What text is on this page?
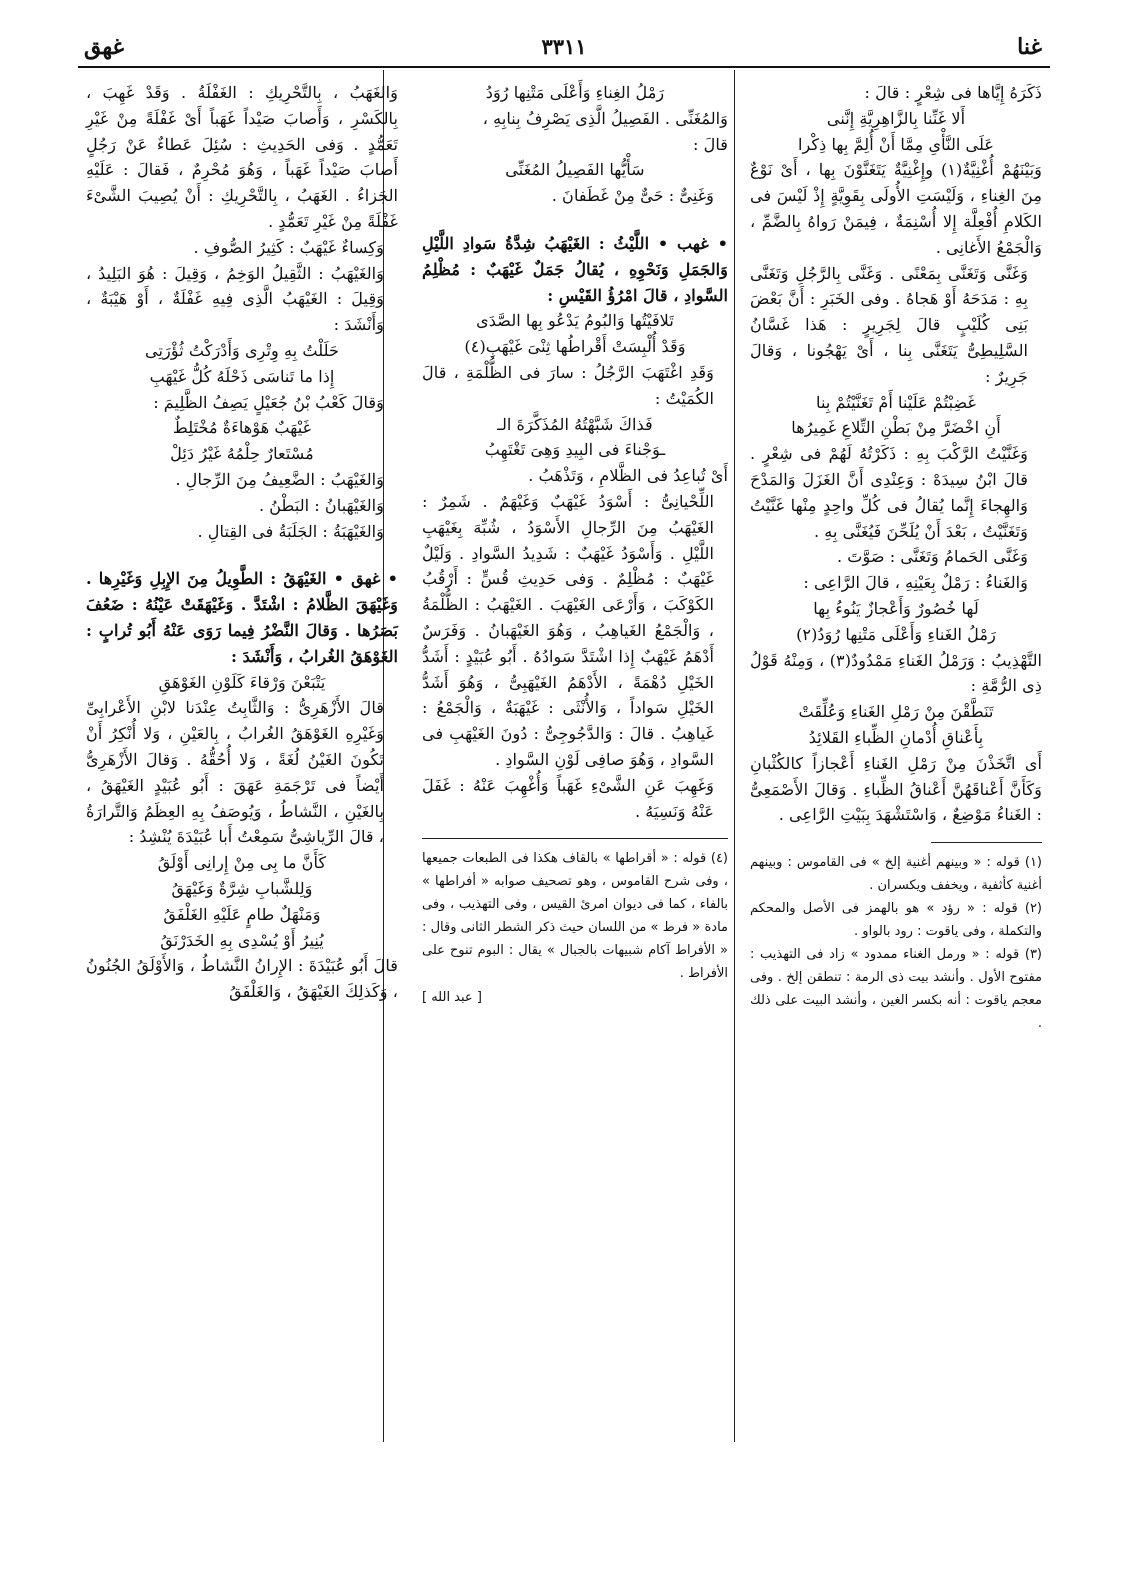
غنا
٣٣١١
غهق

ذَكَرَهُ إِيَّاها فى شِعْرٍ : قالَ :

أَلا غَنِّنا بِالزَّاهِرِيَّةِ إِنَّنى

عَلَى النَّأْىِ مِمَّا أَنْ أُلِمَّ بِها ذِكْرا

وَبَيْنَهُمْ أُغْنِيَّةٌ(١) وإِغْنِيَّةٌ يَتَغَنَّوْنَ بِها ، أَىْ نَوْعٌ مِنَ الغِناءِ ، وَلَيْسَتِ الأُولَى بِقَوِيَّةٍ إِذْ لَيْسَ فى الكَلامِ أُفْعِلَّة إِلا أُسْنِمَةٌ ، فِيمَنْ رَواهُ بِالضَّمِّ ، وَالْجَمْعُ الأَغانِى .

وَغَنَّى وَتَغَنَّى بِمَعْنًى . وَغَنَّى بِالرَّجُلِ وَتَغَنَّى بِهِ : مَدَحَهُ أَوْ هَجاهُ . وفى الخَبَرِ : أَنَّ بَعْضَ بَنِى كُلَيْبٍ قالَ لِجَرِيرٍ : هَذا غَسَّانُ السَّلِيطِىُّ يَتَغَنَّى بِنا ، أَىْ يَهْجُونا ، وَقالَ جَرِيرٌ :

غَضِبْتُمْ عَلَيْنا أَمْ تَغَنَّيْتُمْ بِنا

أَنِ اخْضَرَّ مِنْ بَطْنِ التِّلاعِ غَمِيرُها

وَغَنَّيْتُ الرَّكْبَ بِهِ : ذَكَرْتُهُ لَهُمْ فى شِعْرٍ . قالَ ابْنُ سِيدَهْ : وَعِنْدِى أَنَّ الغَزَلَ وَالمَدْحَ وَالهِجاءَ إِنَّما يُقالُ فى كُلِّ واحِدٍ مِنْها غَنَّيْتُ وَتَغَنَّيْتُ ، بَعْدَ أَنْ يُلَحِّنَ فَيُغَنَّى بِهِ .

وَغَنَّى الحَمامُ وَتَغَنَّى : صَوَّتَ .

وَالغَناءُ : رَمْلٌ بِعَيْنِهِ ، قالَ الرَّاعِى :

لَها خُصُورٌ وَأَعْجازٌ يَنُوءُ بِها

رَمْلُ الغَناءِ وَأَعْلَى مَتْنِها رُوَدُ(٢)

التَّهْذِيبُ : وَرَمْلُ الغَناءِ مَمْدُودٌ(٣) ، وَمِنْهُ قَوْلُ ذِى الرُّمَّةِ :

تَنَطَّقْنَ مِنْ رَمْلِ الغَناءِ وَعُلِّقَتْ

بِأَعْناقِ أُدْمانِ الظِّباءِ القَلائِدُ

أَى اتَّخَذْنَ مِنْ رَمْلِ الغَناءِ أَعْجازاً كالكُثْبانِ وَكَأَنَّ أَعْناقَهُنَّ أَعْناقُ الظِّباءِ . وَقالَ الأَصْمَعِىُّ : الغَناءُ مَوْضِعٌ ، وَاسْتَشْهَدَ بِبَيْتِ الرَّاعِى .

(١) قوله : « وبينهم أغنية إلخ » فى القاموس : وبينهم أغنية كأثفية ، ويخفف ويكسران .

(٢) قوله : « رؤد » هو بالهمز فى الأصل والمحكم والتكملة ، وفى ياقوت : رود بالواو .

(٣) قوله : « ورمل الغناء ممدود » زاد فى التهذيب : مفتوح الأول . وأنشد بيت ذى الرمة : تنطقن إلخ . وفى معجم ياقوت : أنه بكسر الغين ، وأنشد البيت على ذلك .

رَمْلُ الغِناءِ وَأَعْلَى مَتْنِها رُوَدُ

وَالمُغَنِّى . الفَصِيلُ الَّذِى يَصْرِفُ بِنابِهِ ،

قالَ :

سَأْيُّها الفَصِيلُ المُغَنِّى

وَغَنِىٌّ : حَىٌّ مِنْ غَطَفانَ .

• غهب • اللَّيْثُ : الغَيْهَبُ شِدَّةُ سَوادِ اللَّيْلِ وَالجَمَلِ وَنَحْوِهِ ، يُقالُ جَمَلٌ غَيْهَبٌ : مُظْلِمُ السَّوادِ ، قالَ امْرُؤُ القَيْسِ :

تَلافَيْتُها وَالبُومُ يَدْعُو بِها الصَّدَى

وَقَدْ أُلْبِسَتْ أَقْراطُها ثِنْىَ غَيْهَبِ(٤)

وَقَدِ اغْتَهَبَ الرَّجُلُ : سارَ فى الظُّلْمَةِ ، قالَ الكُمَيْتُ :

فَذاكَ شَبَّهْتُهُ المُذَكَّرَةَ الـ

ـوَجْناءَ فى البِيدِ وَهِىَ تَغْتَهِبُ

أَىْ تُباعِدُ فى الظَّلامِ ، وَتَذْهَبُ .

اللِّحْيانِىُّ : أَسْوَدُ غَيْهَبٌ وَغَيْهَمٌ . شَمِرٌ : الغَيْهَبُ مِنَ الرِّجالِ الأَسْوَدُ ، شُبِّهَ بِغَيْهَبِ اللَّيْلِ . وَأَسْوَدُ غَيْهَبٌ : شَدِيدُ السَّوادِ . وَلَيْلٌ غَيْهَبٌ : مُظْلِمٌ . وَفى حَدِيثِ قُسٍّ : أَرْقُبُ الكَوْكَبَ ، وَأَرْعَى الغَيْهَبَ . الغَيْهَبُ : الظُّلْمَةُ ، وَالْجَمْعُ الغَياهِبُ ، وَهُوَ الغَيْهَبانُ . وَفَرَسٌ أَدْهَمُ غَيْهَبٌ إِذا اشْتَدَّ سَوادُهُ . أَبُو عُبَيْدٍ : أَشَدُّ الخَيْلِ دُهْمَةً ، الأَدْهَمُ الغَيْهَبِىُّ ، وَهُوَ أَشَدُّ الخَيْلِ سَواداً ، وَالأُنْثَى : غَيْهَبَةٌ ، وَالْجَمْعُ : غَياهِبُ . قالَ : وَالدَّجُوجِىُّ : دُونَ الغَيْهَبِ فى السَّوادِ ، وَهُوَ صافِى لَوْنِ السَّوادِ .

وَغَهِبَ عَنِ الشَّىْءِ غَهَباً وَأُغْهِبَ عَنْهُ : غَفَلَ عَنْهُ وَنَسِيَهُ .

(٤) قوله : « أقراطها » بالقاف هكذا فى الطبعات جميعها ، وفى شرح القاموس ، وهو تصحيف صوابه « أفراطها » بالفاء ، كما فى ديوان امرئ القيس ، وفى التهذيب ، وفى مادة « فرط » من اللسان حيث ذكر الشطر الثانى وقال : « الأفراط آكام شبيهات بالجبال » يقال : البوم تنوح على الأفراط .

[ عبد الله ]

وَالغَهَبُ ، بِالتَّحْرِيكِ : الغَفْلَةُ . وَقَدْ غَهِبَ ، بِالكَسْرِ ، وَأَصابَ صَيْداً غَهَباً أَىْ غَفْلَةً مِنْ غَيْرِ تَعَمُّدٍ . وَفى الحَدِيثِ : سُئِلَ عَطاءٌ عَنْ رَجُلٍ أَصابَ صَيْداً غَهَباً ، وَهُوَ مُحْرِمٌ ، فَقالَ : عَلَيْهِ الجَزاءُ . الغَهَبُ ، بِالتَّحْرِيكِ : أَنْ يُصِيبَ الشَّىْءَ غَفْلَةً مِنْ غَيْرِ تَعَمُّدٍ .

وَكِساءٌ غَيْهَبٌ : كَثِيرُ الصُّوفِ .

وَالغَيْهَبُ : الثَّقِيلُ الوَخِمُ ، وَقِيلَ : هُوَ البَلِيدُ ، وَقِيلَ : الغَيْهَبُ الَّذِى فِيهِ غَفْلَةٌ ، أَوْ هَيْبَةٌ ، وَأَنْشَدَ :

حَلَلْتُ بِهِ وِتْرِى وَأَدْرَكْتُ ثُؤْرَتِى

إِذا ما تَناسَى ذَحْلَهُ كُلُّ غَيْهَبِ

وَقالَ كَعْبُ بْنُ جُعَيْلٍ يَصِفُ الظَّلِيمَ :

غَيْهَبٌ هَوْهاءَةٌ مُخْتَلِطٌ

مُسْتَعارٌ حِلْمُهُ غَيْرُ دَئِلْ

وَالغَيْهَبُ : الضَّعِيفُ مِنَ الرِّجالِ .

وَالغَيْهَبانُ : البَطْنُ .

وَالغَيْهَبَةُ : الجَلَبَةُ فى القِتالِ .

• غهق • الغَيْهَقُ : الطَّوِيلُ مِنَ الإِبِلِ وَغَيْرِها . وَغَيْهَقَ الظَّلامُ : اشْتَدَّ . وَغَيْهَقَتْ عَيْنُهُ : ضَعُفَ بَصَرُها . وَقالَ النَّضْرُ فِيما رَوَى عَنْهُ أَبُو تُرابٍ : الغَوْهَقُ الغُرابُ ، وَأَنْشَدَ :

يَتْبَعْنَ وَرْقاءَ كَلَوْنِ الغَوْهَقِ

قالَ الأَزْهَرِىُّ : وَالثَّابِتُ عِنْدَنا لابْنِ الأَعْرابِىِّ وَغَيْرِهِ الغَوْهَقُ الغُرابُ ، بِالعَيْنِ ، وَلا أُنْكِرُ أَنْ تَكُونَ الغَيْنُ لُغَةً ، وَلا أُحُقُّهُ . وَقالَ الأَزْهَرِىُّ أَيْضاً فى تَرْجَمَةِ عَهَقَ : أَبُو عُبَيْدٍ الغَيْهَقُ ، بِالغَيْنِ ، النَّشاطُ ، وَيُوصَفُ بِهِ العِظَمُ وَالتَّرارَةُ ، قالَ الرِّياشِىُّ سَمِعْتُ أَبا عُبَيْدَةَ يُنْشِدُ :

كَأَنَّ ما بِى مِنْ إِرانِى أَوْلَقُ

وَلِلشَّبابِ شِرَّةٌ وَغَيْهَقُ

وَمَنْهَلٌ طامٍ عَلَيْهِ الغَلْفَقُ

يُنِيرُ أَوْ يُسْدِى بِهِ الخَدَرْنَقُ

قالَ أَبُو عُبَيْدَةَ : الإِرانُ النَّشاطُ ، وَالأَوْلَقُ الجُنُونُ ، وَكَذلِكَ الغَيْهَقُ ، وَالغَلْفَقُ
